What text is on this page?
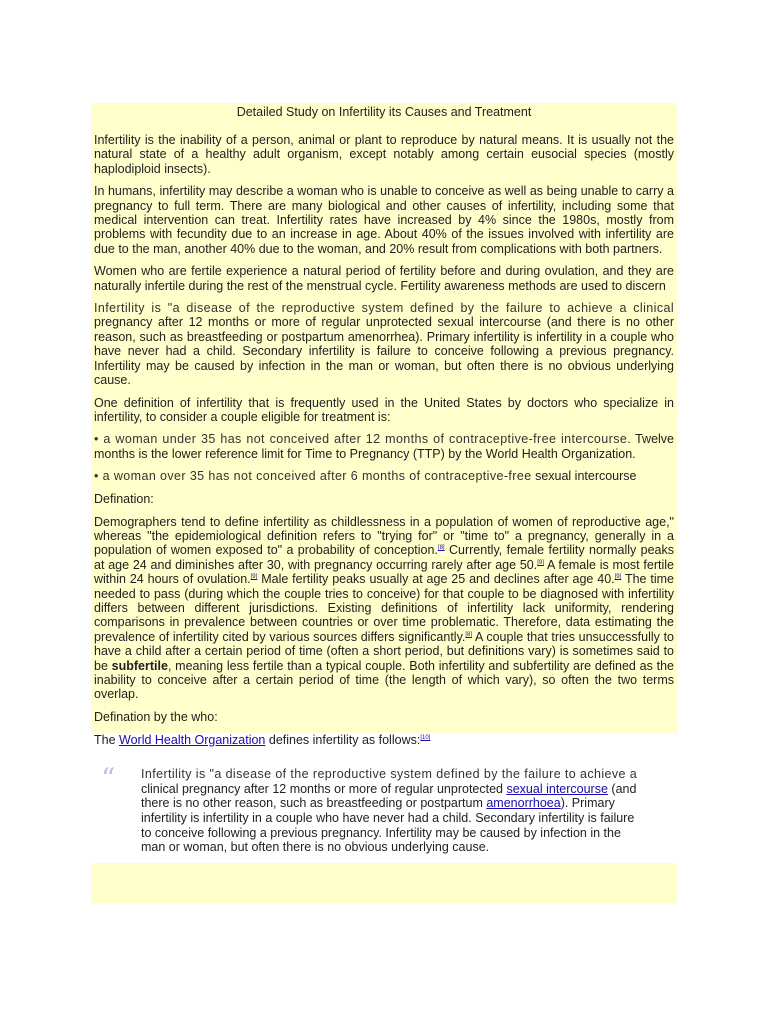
Detailed Study on Infertility its Causes and Treatment

Infertility is the inability of a person, animal or plant to reproduce by natural means. It is usually not the natural state of a healthy adult organism, except notably among certain eusocial species (mostly haplodiploid insects).

In humans, infertility may describe a woman who is unable to conceive as well as being unable to carry a pregnancy to full term. There are many biological and other causes of infertility, including some that medical intervention can treat. Infertility rates have increased by 4% since the 1980s, mostly from problems with fecundity due to an increase in age. About 40% of the issues involved with infertility are due to the man, another 40% due to the woman, and 20% result from complications with both partners.

Women who are fertile experience a natural period of fertility before and during ovulation, and they are naturally infertile during the rest of the menstrual cycle. Fertility awareness methods are used to discern

Infertility is "a disease of the reproductive system defined by the failure to achieve a clinical pregnancy after 12 months or more of regular unprotected sexual intercourse (and there is no other reason, such as breastfeeding or postpartum amenorrhea). Primary infertility is infertility in a couple who have never had a child. Secondary infertility is failure to conceive following a previous pregnancy. Infertility may be caused by infection in the man or woman, but often there is no obvious underlying cause.

One definition of infertility that is frequently used in the United States by doctors who specialize in infertility, to consider a couple eligible for treatment is:

• a woman under 35 has not conceived after 12 months of contraceptive-free intercourse. Twelve months is the lower reference limit for Time to Pregnancy (TTP) by the World Health Organization.

• a woman over 35 has not conceived after 6 months of contraceptive-free sexual intercourse

Defination:

Demographers tend to define infertility as childlessness in a population of women of reproductive age," whereas "the epidemiological definition refers to "trying for" or "time to" a pregnancy, generally in a population of women exposed to" a probability of conception.[8] Currently, female fertility normally peaks at age 24 and diminishes after 30, with pregnancy occurring rarely after age 50.[9] A female is most fertile within 24 hours of ovulation.[9] Male fertility peaks usually at age 25 and declines after age 40.[9] The time needed to pass (during which the couple tries to conceive) for that couple to be diagnosed with infertility differs between different jurisdictions. Existing definitions of infertility lack uniformity, rendering comparisons in prevalence between countries or over time problematic. Therefore, data estimating the prevalence of infertility cited by various sources differs significantly.[8] A couple that tries unsuccessfully to have a child after a certain period of time (often a short period, but definitions vary) is sometimes said to be subfertile, meaning less fertile than a typical couple. Both infertility and subfertility are defined as the inability to conceive after a certain period of time (the length of which vary), so often the two terms overlap.

Defination by the who:
The World Health Organization defines infertility as follows:[10]
“ Infertility is "a disease of the reproductive system defined by the failure to achieve a clinical pregnancy after 12 months or more of regular unprotected sexual intercourse (and there is no other reason, such as breastfeeding or postpartum amenorrhoea). Primary infertility is infertility in a couple who have never had a child. Secondary infertility is failure to conceive following a previous pregnancy. Infertility may be caused by infection in the man or woman, but often there is no obvious underlying cause.
